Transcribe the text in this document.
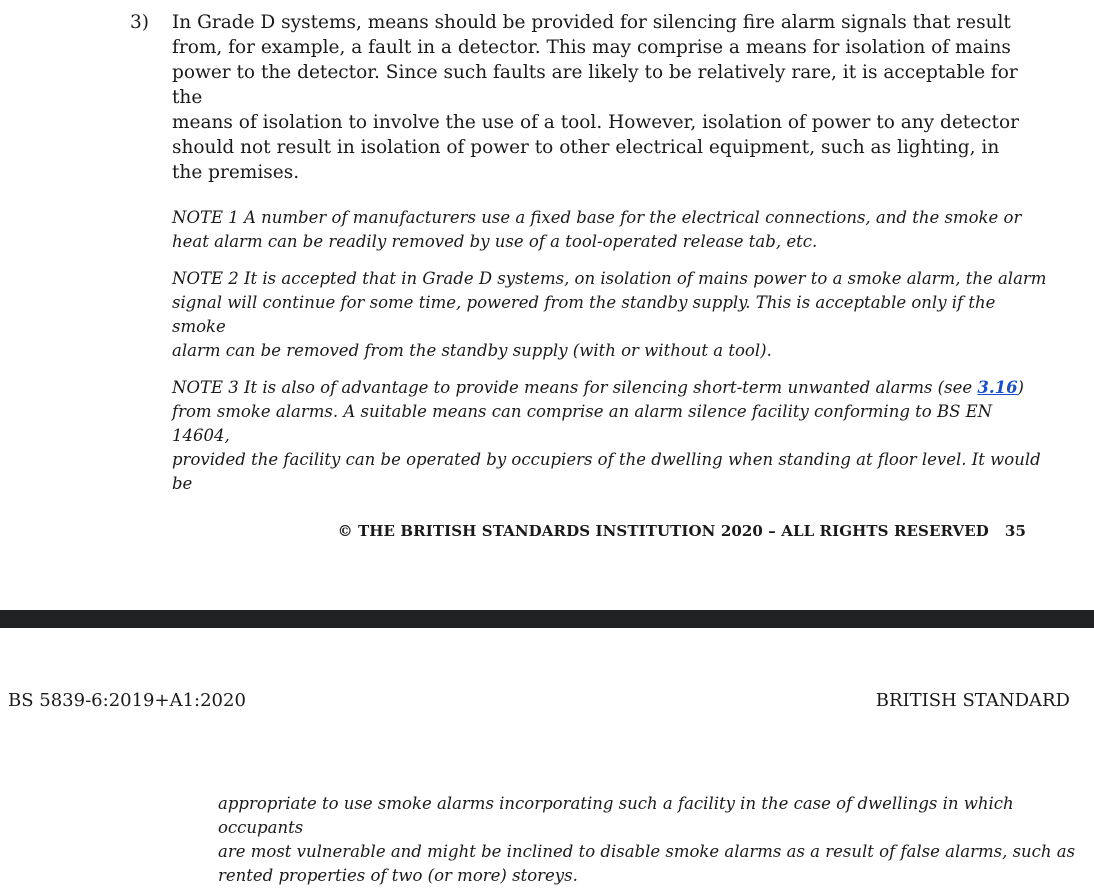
3) In Grade D systems, means should be provided for silencing fire alarm signals that result
from, for example, a fault in a detector. This may comprise a means for isolation of mains
power to the detector. Since such faults are likely to be relatively rare, it is acceptable for the
means of isolation to involve the use of a tool. However, isolation of power to any detector
should not result in isolation of power to other electrical equipment, such as lighting, in
the premises.
NOTE 1 A number of manufacturers use a fixed base for the electrical connections, and the smoke or
heat alarm can be readily removed by use of a tool-operated release tab, etc.
NOTE 2 It is accepted that in Grade D systems, on isolation of mains power to a smoke alarm, the alarm
signal will continue for some time, powered from the standby supply. This is acceptable only if the smoke
alarm can be removed from the standby supply (with or without a tool).
NOTE 3 It is also of advantage to provide means for silencing short-term unwanted alarms (see 3.16)
from smoke alarms. A suitable means can comprise an alarm silence facility conforming to BS EN 14604,
provided the facility can be operated by occupiers of the dwelling when standing at floor level. It would be
© THE BRITISH STANDARDS INSTITUTION 2020 – ALL RIGHTS RESERVED 35
BS 5839-6:2019+A1:2020	BRITISH STANDARD
appropriate to use smoke alarms incorporating such a facility in the case of dwellings in which occupants
are most vulnerable and might be inclined to disable smoke alarms as a result of false alarms, such as
rented properties of two (or more) storeys.
